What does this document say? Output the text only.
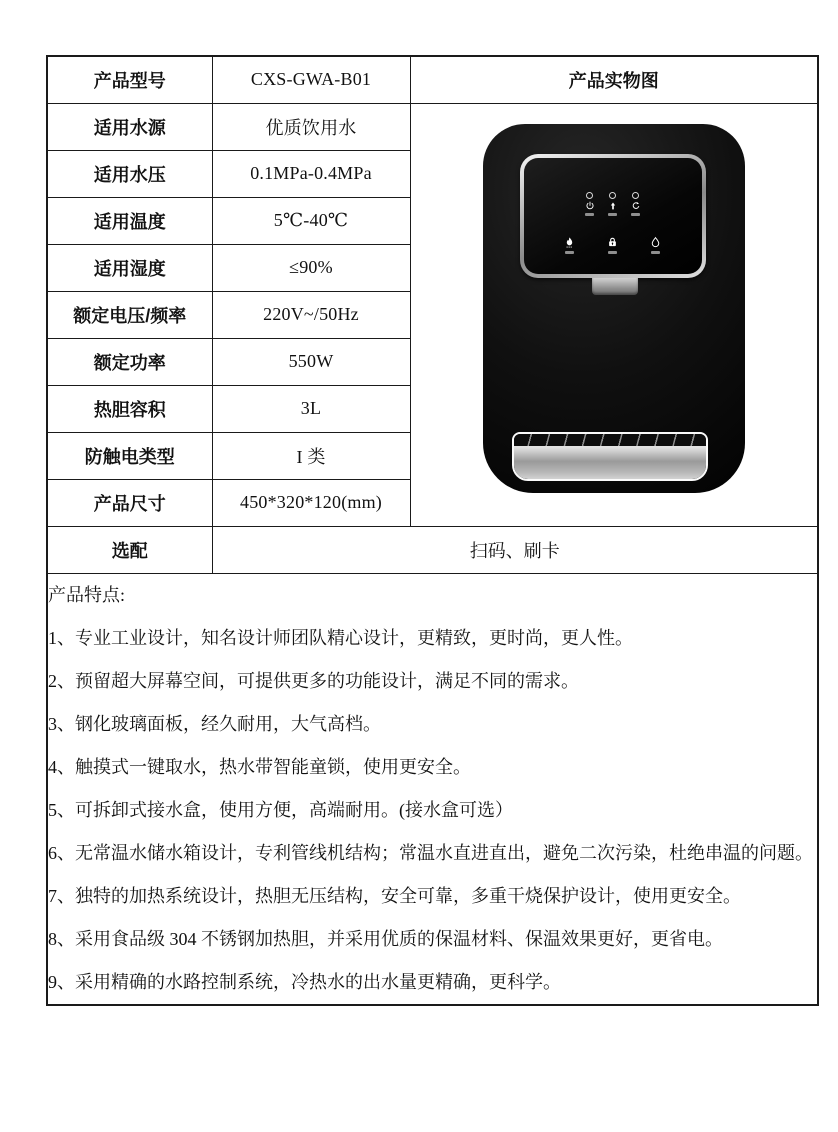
产品型号	CXS-GWA-B01	产品实物图
适用水源	优质饮用水	

适用水压	0.1MPa-0.4MPa	
适用温度	5℃-40℃	
适用湿度	≤90%	
额定电压/频率	220V~/50Hz	
额定功率	550W	
热胆容积	3L	
防触电类型	I 类	
产品尺寸	450*320*120(mm)	
选配	扫码、刷卡	

产品特点:

1、专业工业设计，知名设计师团队精心设计，更精致，更时尚，更人性。

2、预留超大屏幕空间，可提供更多的功能设计，满足不同的需求。

3、钢化玻璃面板，经久耐用，大气高档。

4、触摸式一键取水，热水带智能童锁，使用更安全。

5、可拆卸式接水盒，使用方便，高端耐用。(接水盒可选）

6、无常温水储水箱设计，专利管线机结构；常温水直进直出，避免二次污染，杜绝串温的问题。

7、独特的加热系统设计，热胆无压结构，安全可靠，多重干烧保护设计，使用更安全。

8、采用食品级 304 不锈钢加热胆，并采用优质的保温材料、保温效果更好，更省电。

9、采用精确的水路控制系统，冷热水的出水量更精确，更科学。
